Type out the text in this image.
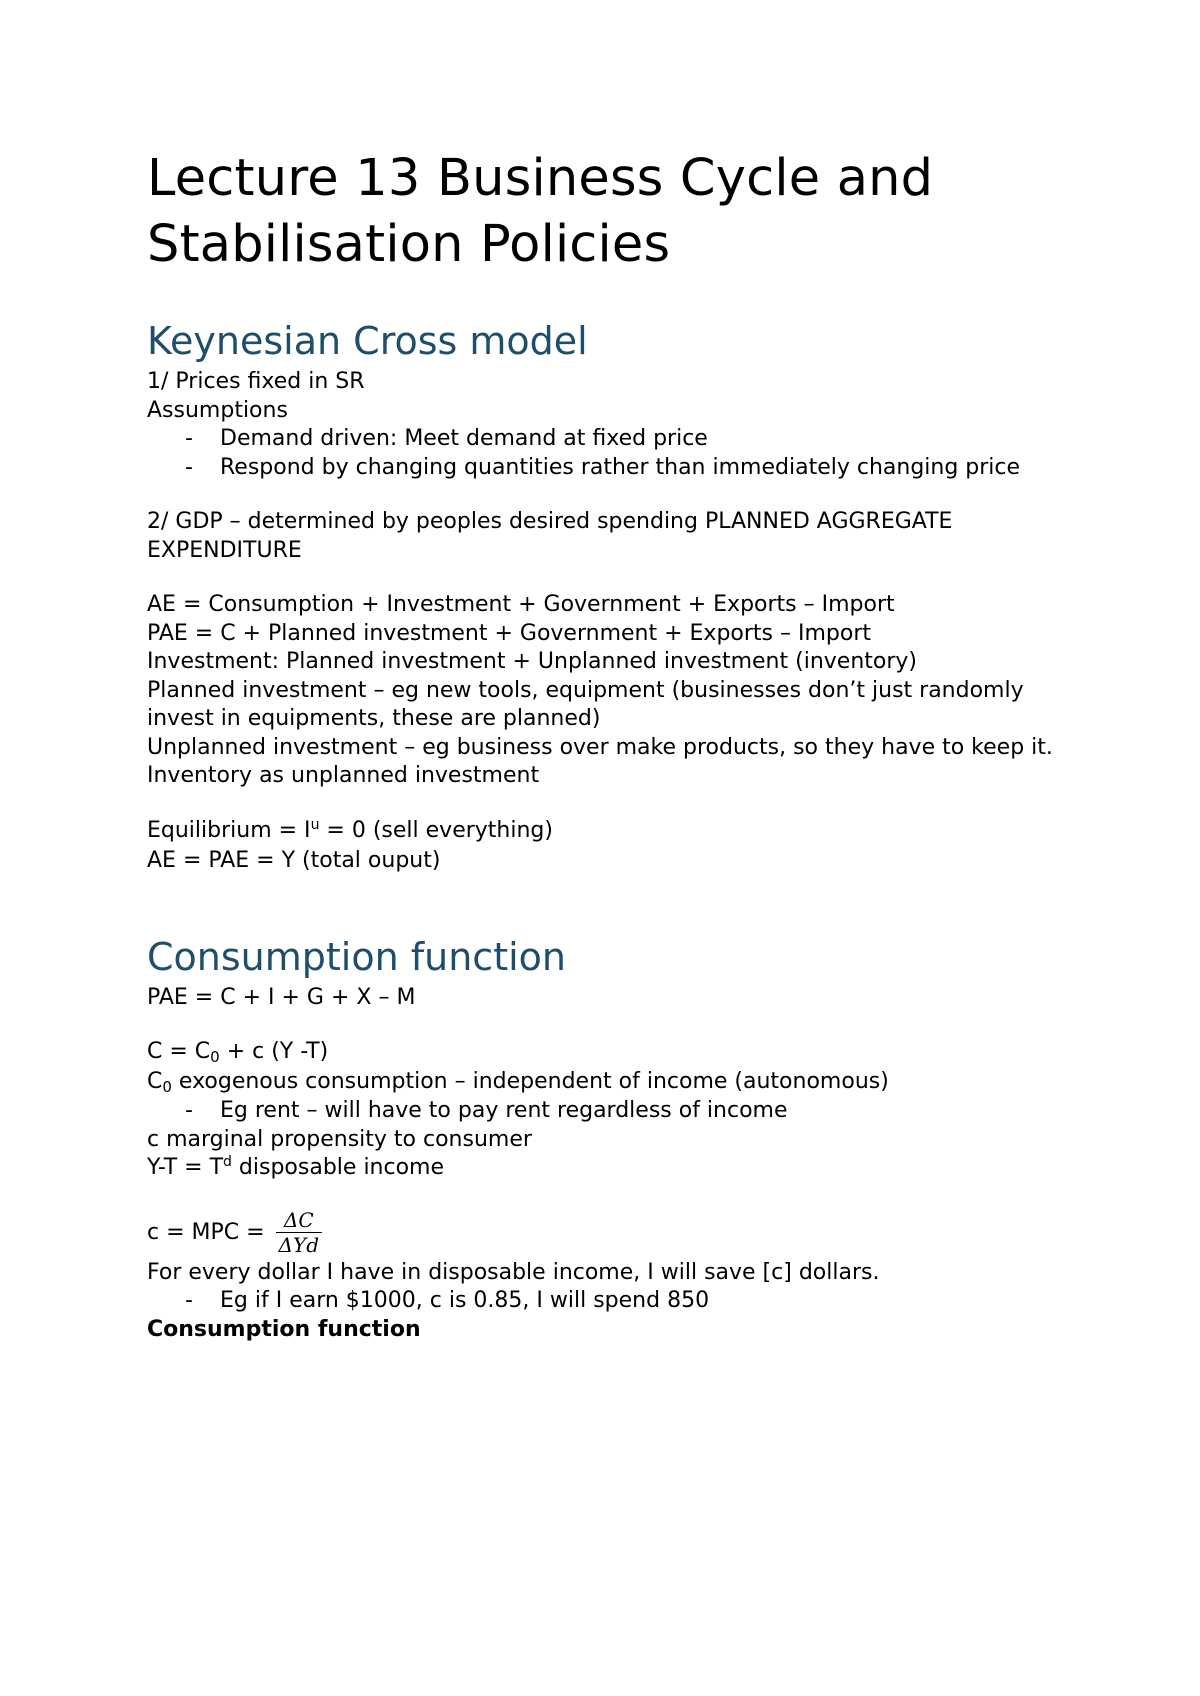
Lecture 13 Business Cycle and Stabilisation Policies
Keynesian Cross model

1/ Prices fixed in SR

Assumptions

- Demand driven: Meet demand at fixed price
- Respond by changing quantities rather than immediately changing price

2/ GDP – determined by peoples desired spending PLANNED AGGREGATE EXPENDITURE

AE = Consumption + Investment + Government + Exports – Import

PAE = C + Planned investment + Government + Exports – Import

Investment: Planned investment + Unplanned investment (inventory)

Planned investment – eg new tools, equipment (businesses don’t just randomly invest in equipments, these are planned)

Unplanned investment – eg business over make products, so they have to keep it. Inventory as unplanned investment

Equilibrium = $I^u = 0$ (sell everything)

AE = PAE = Y (total ouput)

Consumption function

PAE = C + I + G + X – M

C = C0 + c (Y -T)

C0 exogenous consumption – independent of income (autonomous)

- Eg rent – will have to pay rent regardless of income

c marginal propensity to consumer

$Y-T = T^d$ disposable income

c = MPC = $\frac{\Delta C}{\text{ΔYd}}$

For every dollar I have in disposable income, I will save [c] dollars.

- Eg if I earn $1000, c is 0.85, I will spend 850

Consumption function
